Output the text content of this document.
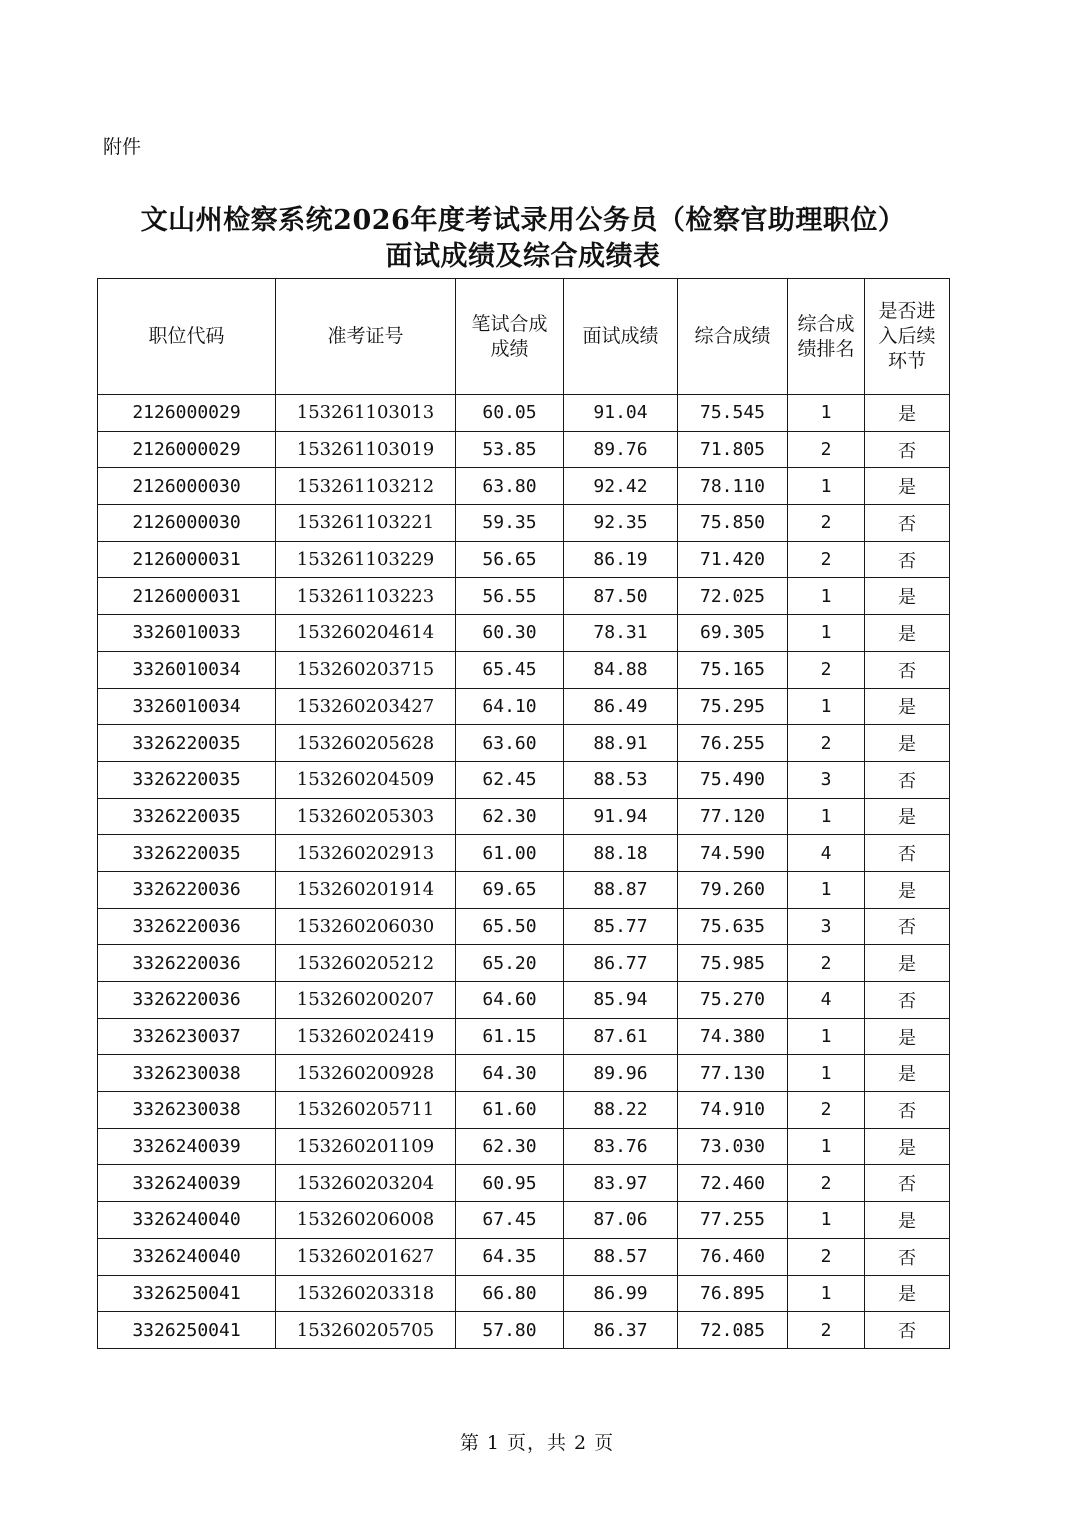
附件
文山州检察系统2026年度考试录用公务员（检察官助理职位）
面试成绩及综合成绩表
职位代码	准考证号	笔试合成成绩	面试成绩	综合成绩	综合成绩排名	是否进入后续环节
2126000029	153261103013	60.05	91.04	75.545	1	是
2126000029	153261103019	53.85	89.76	71.805	2	否
2126000030	153261103212	63.80	92.42	78.110	1	是
2126000030	153261103221	59.35	92.35	75.850	2	否
2126000031	153261103229	56.65	86.19	71.420	2	否
2126000031	153261103223	56.55	87.50	72.025	1	是
3326010033	153260204614	60.30	78.31	69.305	1	是
3326010034	153260203715	65.45	84.88	75.165	2	否
3326010034	153260203427	64.10	86.49	75.295	1	是
3326220035	153260205628	63.60	88.91	76.255	2	是
3326220035	153260204509	62.45	88.53	75.490	3	否
3326220035	153260205303	62.30	91.94	77.120	1	是
3326220035	153260202913	61.00	88.18	74.590	4	否
3326220036	153260201914	69.65	88.87	79.260	1	是
3326220036	153260206030	65.50	85.77	75.635	3	否
3326220036	153260205212	65.20	86.77	75.985	2	是
3326220036	153260200207	64.60	85.94	75.270	4	否
3326230037	153260202419	61.15	87.61	74.380	1	是
3326230038	153260200928	64.30	89.96	77.130	1	是
3326230038	153260205711	61.60	88.22	74.910	2	否
3326240039	153260201109	62.30	83.76	73.030	1	是
3326240039	153260203204	60.95	83.97	72.460	2	否
3326240040	153260206008	67.45	87.06	77.255	1	是
3326240040	153260201627	64.35	88.57	76.460	2	否
3326250041	153260203318	66.80	86.99	76.895	1	是
3326250041	153260205705	57.80	86.37	72.085	2	否
第 1 页，共 2 页
